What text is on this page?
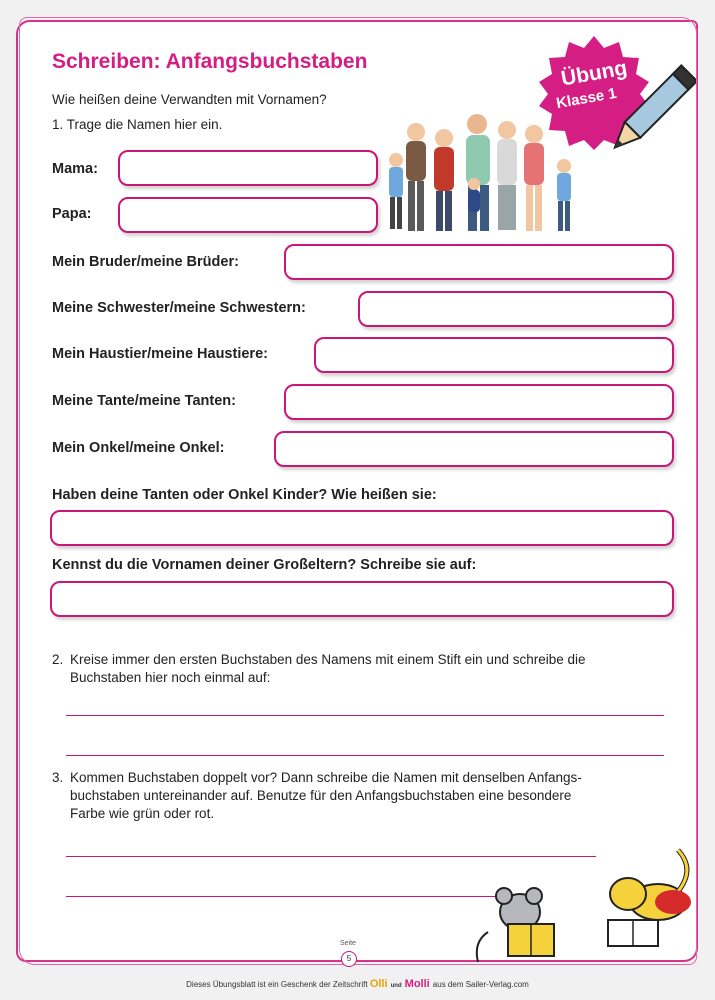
Schreiben: Anfangsbuchstaben
Wie heißen deine Verwandten mit Vornamen?
1. Trage die Namen hier ein.
Übung
Klasse 1
Mama:
Papa:
Mein Bruder/meine Brüder:
Meine Schwester/meine Schwestern:
Mein Haustier/meine Haustiere:
Meine Tante/meine Tanten:
Mein Onkel/meine Onkel:
Haben deine Tanten oder Onkel Kinder? Wie heißen sie:
Kennst du die Vornamen deiner Großeltern? Schreibe sie auf:
2. Kreise immer den ersten Buchstaben des Namens mit einem Stift ein und schreibe die
Buchstaben hier noch einmal auf:
3. Kommen Buchstaben doppelt vor? Dann schreibe die Namen mit denselben Anfangs-
buchstaben untereinander auf. Benutze für den Anfangsbuchstaben eine besondere
Farbe wie grün oder rot.
Seite
5
Dieses Übungsblatt ist ein Geschenk der Zeitschrift Olli und Molli aus dem Sailer-Verlag.com
